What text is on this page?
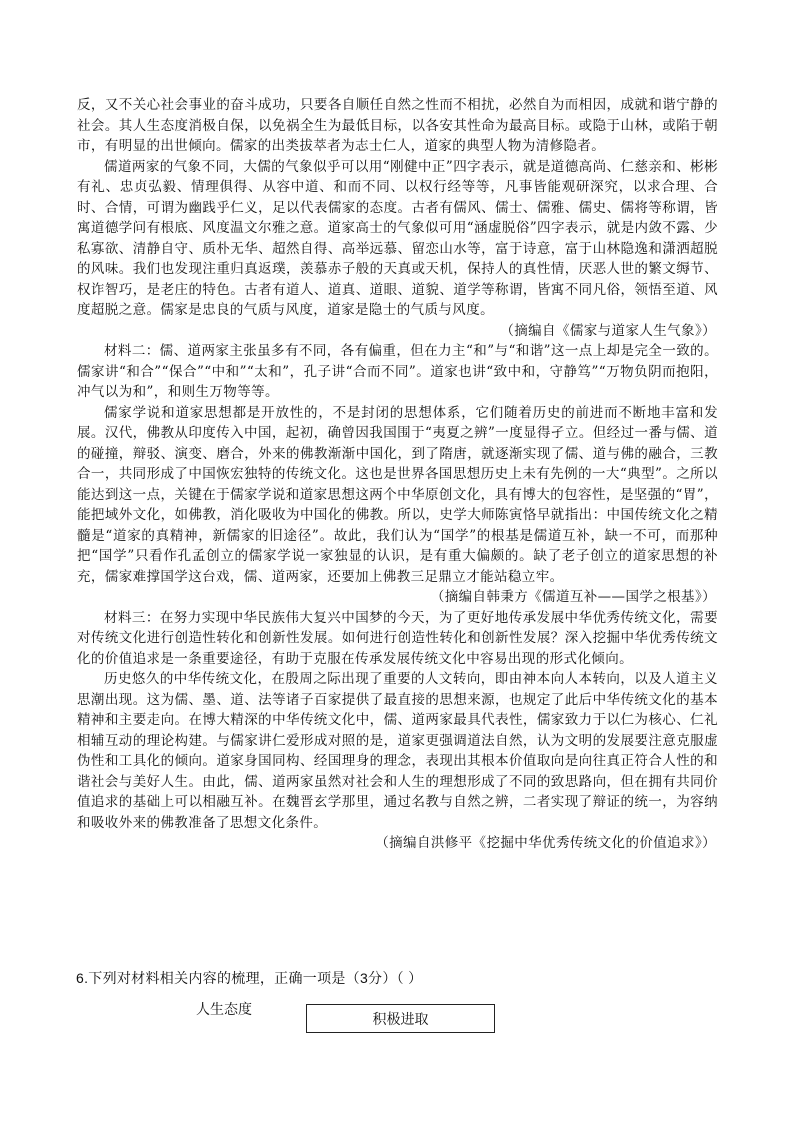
反，又不关心社会事业的奋斗成功，只要各自顺任自然之性而不相扰，必然自为而相因，成就和谐宁静的社会。其人生态度消极自保，以免祸全生为最低目标，以各安其性命为最高目标。或隐于山林，或陷于朝市，有明显的出世倾向。儒家的出类拔萃者为志士仁人，道家的典型人物为清修隐者。

儒道两家的气象不同，大儒的气象似乎可以用“刚健中正”四字表示，就是道德高尚、仁慈亲和、彬彬有礼、忠贞弘毅、情理俱得、从容中道、和而不同、以权行经等等，凡事皆能观研深究，以求合理、合时、合情，可谓为幽践乎仁义，足以代表儒家的态度。古者有儒风、儒士、儒雅、儒史、儒将等称谓，皆寓道德学问有根底、风度温文尔雅之意。道家高士的气象似可用“涵虚脱俗”四字表示，就是内敛不露、少私寡欲、清静自守、质朴无华、超然自得、高举远慕、留恋山水等，富于诗意，富于山林隐逸和潇洒超脱的风味。我们也发现注重归真返璞，羡慕赤子般的天真或天机，保持人的真性情，厌恶人世的繁文缛节、权诈智巧，是老庄的特色。古者有道人、道真、道眼、道貌、道学等称谓，皆寓不同凡俗，领悟至道、风度超脱之意。儒家是忠良的气质与风度，道家是隐士的气质与风度。

（摘编自《儒家与道家人生气象》）

材料二：儒、道两家主张虽多有不同，各有偏重，但在力主“和”与“和谐”这一点上却是完全一致的。儒家讲“和合”“保合”“中和”“太和”，孔子讲“合而不同”。道家也讲“致中和，守静笃”“万物负阴而抱阳，冲气以为和”，和则生万物等等。

儒家学说和道家思想都是开放性的，不是封闭的思想体系，它们随着历史的前进而不断地丰富和发展。汉代，佛教从印度传入中国，起初，确曾因我国围于“夷夏之辨”一度显得孑立。但经过一番与儒、道的碰撞，辩驳、演变、磨合，外来的佛教渐渐中国化，到了隋唐，就逐渐实现了儒、道与佛的融合，三教合一，共同形成了中国恢宏独特的传统文化。这也是世界各国思想历史上未有先例的一大“典型”。之所以能达到这一点，关键在于儒家学说和道家思想这两个中华原创文化，具有博大的包容性，是坚强的“胃”，能把域外文化，如佛教，消化吸收为中国化的佛教。所以，史学大师陈寅恪早就指出：中国传统文化之精髓是“道家的真精神，新儒家的旧途径”。故此，我们认为“国学”的根基是儒道互补，缺一不可，而那种把“国学”只看作孔孟创立的儒家学说一家独显的认识，是有重大偏颇的。缺了老子创立的道家思想的补充，儒家难撑国学这台戏，儒、道两家，还要加上佛教三足鼎立才能站稳立牢。

（摘编自韩秉方《儒道互补——国学之根基》）

材料三：在努力实现中华民族伟大复兴中国梦的今天，为了更好地传承发展中华优秀传统文化，需要对传统文化进行创造性转化和创新性发展。如何进行创造性转化和创新性发展？深入挖掘中华优秀传统文化的价值追求是一条重要途径，有助于克服在传承发展传统文化中容易出现的形式化倾向。

历史悠久的中华传统文化，在殷周之际出现了重要的人文转向，即由神本向人本转向，以及人道主义思潮出现。这为儒、墨、道、法等诸子百家提供了最直接的思想来源，也规定了此后中华传统文化的基本精神和主要走向。在博大精深的中华传统文化中，儒、道两家最具代表性，儒家致力于以仁为核心、仁礼相辅互动的理论构建。与儒家讲仁爱形成对照的是，道家更强调道法自然，认为文明的发展要注意克服虚伪性和工具化的倾向。道家身国同构、经国理身的理念，表现出其根本价值取向是向往真正符合人性的和谐社会与美好人生。由此，儒、道两家虽然对社会和人生的理想形成了不同的致思路向，但在拥有共同价值追求的基础上可以相融互补。在魏晋玄学那里，通过名教与自然之辨，二者实现了辩证的统一，为容纳和吸收外来的佛教准备了思想文化条件。

（摘编自洪修平《挖掘中华优秀传统文化的价值追求》）

6.下列对材料相关内容的梳理，正确一项是（3分）（ ）
人生态度
积极进取
